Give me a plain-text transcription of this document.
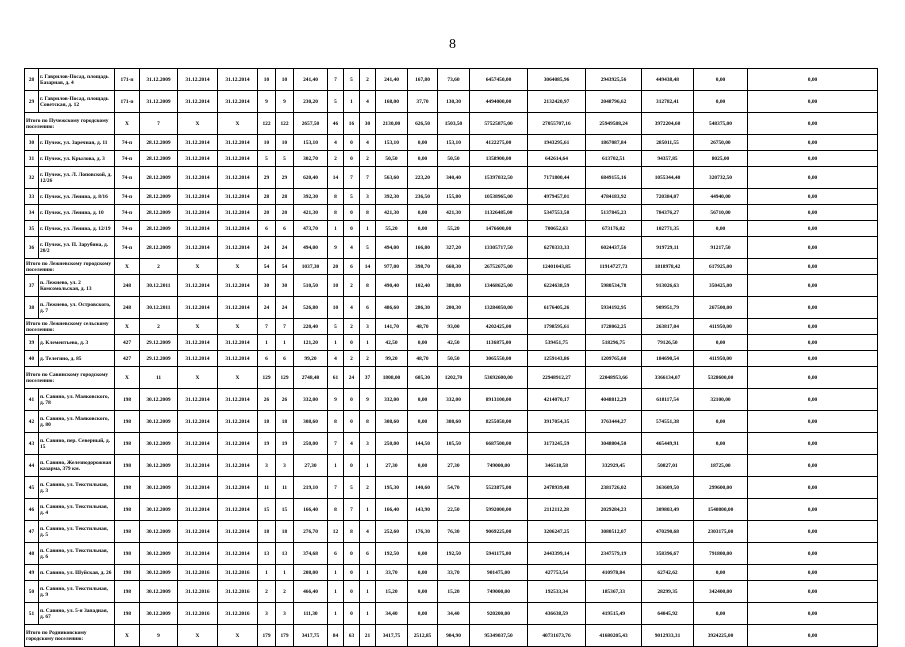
8
28	г. Гаврилов-Посад, площадь Базарная, д. 4	171-п	31.12.2009	31.12.2014	31.12.2014	10	10	241,40	7	5	2	241,40	167,80	73,60	6457450,00	3064085,96	2943925,56	449438,48	0,00	0,00
29	г. Гаврилов-Посад, площадь Советская, д. 12	171-п	31.12.2009	31.12.2014	31.12.2014	9	9	230,20	5	1	4	168,00	37,70	130,30	4494000,00	2132420,97	2048796,62	312782,41	0,00	0,00
Итого по Пучежскому городскому поселению:		Х	7	Х	Х	122	122	2657,50	46	16	30	2130,00	626,50	1503,50	57525875,00	27055707,16	25949588,24	3972204,60	548375,00	0,00
30	г. Пучеж, ул. Заречная, д. 11	74-п	28.12.2009	31.12.2014	31.12.2014	10	10	153,10	4	0	4	153,10	0,00	153,10	4122275,00	1943295,61	1867087,84	285011,55	26750,00	0,00
31	г. Пучеж, ул. Крылова, д. 3	74-п	28.12.2009	31.12.2014	31.12.2014	5	5	302,70	2	0	2	50,50	0,00	50,50	1358900,00	642614,64	613702,51	94357,85	8025,00	0,00
32	г. Пучеж, ул. Л. Лоповской, д. 12/26	74-п	28.12.2009	31.12.2014	31.12.2014	29	29	620,40	14	7	7	563,60	223,20	340,40	15397032,50	7171800,44	6849155,16	1055344,40	320732,50	0,00
33	г. Пучеж, ул. Ленина, д. 8/16	74-п	28.12.2009	31.12.2014	31.12.2014	28	28	392,30	8	5	3	392,30	236,50	155,80	10538965,00	4979457,01	4784183,92	720384,07	44940,00	0,00
34	г. Пучеж, ул. Ленина, д. 10	74-п	28.12.2009	31.12.2014	31.12.2014	20	20	421,30	8	0	8	421,30	0,00	421,30	11326485,00	5347553,50	5137845,23	784376,27	56710,00	0,00
35	г. Пучеж, ул. Ленина, д. 12/19	74-п	28.12.2009	31.12.2014	31.12.2014	6	6	473,70	1	0	1	55,20	0,00	55,20	1476600,00	700652,63	673176,02	102771,35	0,00	0,00
36	г. Пучеж, ул. П. Зарубина, д. 20/2	74-п	28.12.2009	31.12.2014	31.12.2014	24	24	494,00	9	4	5	494,00	166,80	327,20	13305717,50	6270333,33	6024437,56	919729,11	91217,50	0,00
Итого по Лежневскому городскому поселению:		Х	2	Х	Х	54	54	1037,30	20	6	14	977,00	398,70	668,30	26752675,00	12401043,85	11914727,73	1818978,42	617925,00	0,00
37	п. Лежнево, ул. 2 Комсомольская, д. 13	248	30.12.2011	31.12.2014	31.12.2014	30	30	510,50	10	2	8	490,40	102,40	388,00	13468625,00	6224638,59	5980534,78	913026,63	350425,00	0,00
38	п. Лежнево, ул. Островского, д. 7	248	30.12.2011	31.12.2014	31.12.2014	24	24	526,80	10	4	6	486,60	286,30	200,30	13284050,00	6176405,26	5934192,95	909951,79	267500,00	0,00
Итого по Лежневскому сельскому поселению:		Х	2	Х	Х	7	7	220,40	5	2	3	141,70	48,70	93,00	4202425,00	1798595,61	1728062,25	263817,04	411950,00	0,00
39	д. Клементьево, д. 3	427	29.12.2009	31.12.2014	31.12.2014	1	1	121,20	1	0	1	42,50	0,00	42,50	1136875,00	539451,75	518296,75	79126,50	0,00	0,00
40	д. Телегино, д. 85	427	29.12.2009	31.12.2014	31.12.2014	6	6	99,20	4	2	2	99,20	48,70	50,50	3065550,00	1259143,86	1209765,60	184690,54	411950,00	0,00
Итого по Савинскому городскому поселению:		Х	11	Х	Х	129	129	2748,48	61	24	37	1808,00	605,30	1202,70	53692600,00	22948912,27	22048953,66	3366134,07	5328600,00	0,00
41	п. Савино, ул. Маяковского, д. 78	198	30.12.2009	31.12.2014	31.12.2014	26	26	332,00	9	0	9	332,00	0,00	332,00	8913100,00	4214070,17	4048812,29	618117,54	32100,00	0,00
42	п. Савино, ул. Маяковского, д. 80	198	30.12.2009	31.12.2014	31.12.2014	18	18	308,60	8	0	8	308,60	0,00	308,60	8255050,00	3917054,35	3763444,27	574551,38	0,00	0,00
43	п. Савино, пер. Северный, д. 15	198	30.12.2009	31.12.2014	31.12.2014	19	19	250,00	7	4	3	250,00	144,50	105,50	6687500,00	3173245,59	3048804,50	465449,91	0,00	0,00
44	п. Савино, Железнодорожная казарма, 379 км.	198	30.12.2009	31.12.2014	31.12.2014	3	3	27,30	1	0	1	27,30	0,00	27,30	749000,00	346518,58	332929,45	50827,01	18725,00	0,00
45	п. Савино, ул. Текстильная, д. 3	198	30.12.2009	31.12.2014	31.12.2014	11	11	219,10	7	5	2	195,30	140,60	54,70	5523875,00	2478939,48	2381726,02	363609,50	299600,00	0,00
46	п. Савино, ул. Текстильная, д. 4	198	30.12.2009	31.12.2014	31.12.2014	15	15	166,40	8	7	1	166,40	143,90	22,50	5992000,00	2112112,28	2029284,23	309803,49	1540800,00	0,00
47	п. Савино, ул. Текстильная, д. 5	198	30.12.2009	31.12.2014	31.12.2014	18	18	276,70	12	8	4	252,60	176,30	76,30	9069225,00	3206247,25	3080512,07	470290,68	2303175,00	0,00
48	п. Савино, ул. Текстильная, д. 6	198	30.12.2009	31.12.2014	31.12.2014	13	13	374,68	6	0	6	192,50	0,00	192,50	5941175,00	2443399,14	2347579,19	358396,67	791800,00	0,00
49	п. Савино, ул. Шуйская, д. 26	198	30.12.2009	31.12.2016	31.12.2016	1	1	208,00	1	0	1	33,70	0,00	33,70	901475,00	427753,54	410978,84	62742,62	0,00	0,00
50	п. Савино, ул. Текстильная, д. 9	198	30.12.2009	31.12.2016	31.12.2016	2	2	466,40	1	0	1	15,20	0,00	15,20	749000,00	192533,34	185367,33	28299,35	342400,00	0,00
51	п. Савино, ул. 5-я Западная, д. 67	198	30.12.2009	31.12.2016	31.12.2016	3	3	111,30	1	0	1	34,40	0,00	34,40	920200,00	436638,59	419515,49	64045,92	0,00	0,00
Итого по Родниковскому городскому поселению:		Х	9	Х	Х	179	179	3417,75	84	63	21	3417,75	2512,85	904,90	95349037,50	40731673,76	41680205,43	9012933,31	3924225,00	0,00
